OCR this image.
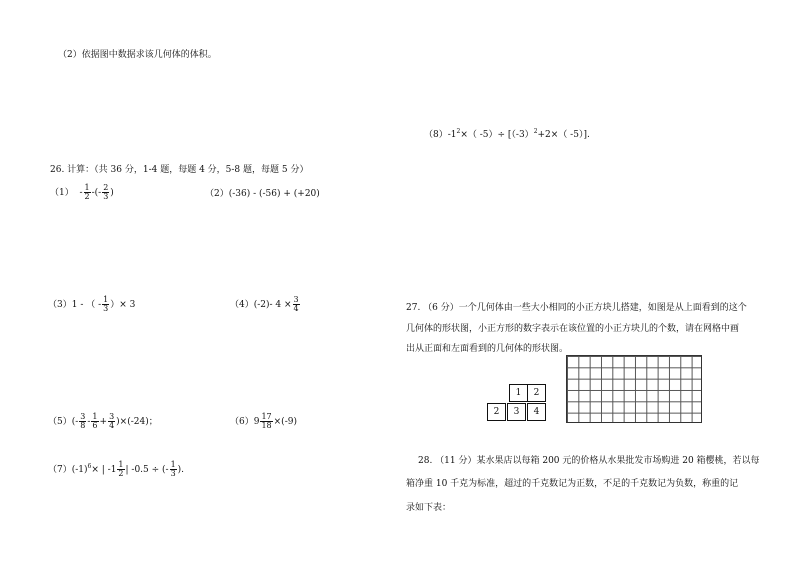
（2）依据图中数据求该几何体的体积。
$(8)-1^2\times$（ $-5)\div [(-3)^2+2\times$（ -5）].
26. 计算：（共 36 分，1-4 题，每题 4 分，5-8 题，每题 5 分）
$(1) - \frac{1}{2}$ -(- $\frac{2}{3}$ )	（2）(-36) - (-56) + (+20)
（3）1 - （ - $\frac{1}{3}$ ）× 3	（4）(-2)- $4 \times \frac{3}{4}$
$(5)(- \frac{3}{8} - \frac{1}{6} + \frac{3}{4} )\times(-24)$；	$(6)9 \frac{17}{18} \times(-9)$
$(7)(-1)^6\times$ | $-1 \frac{1}{2}$ | -0.5 ÷ (- $\frac{1}{3}$ ).
27. （6 分）一个几何体由一些大小相同的小正方块儿搭建，如图是从上面看到的这个
几何体的形状图，小正方形的数字表示在该位置的小正方块儿的个数，请在网格中画
出从正面和左面看到的几何体的形状图。
1	2
2	3	4
28. （11 分）某水果店以每箱 200 元的价格从水果批发市场购进 20 箱樱桃，若以每
箱净重 10 千克为标准，超过的千克数记为正数，不足的千克数记为负数，称重的记
录如下表：
